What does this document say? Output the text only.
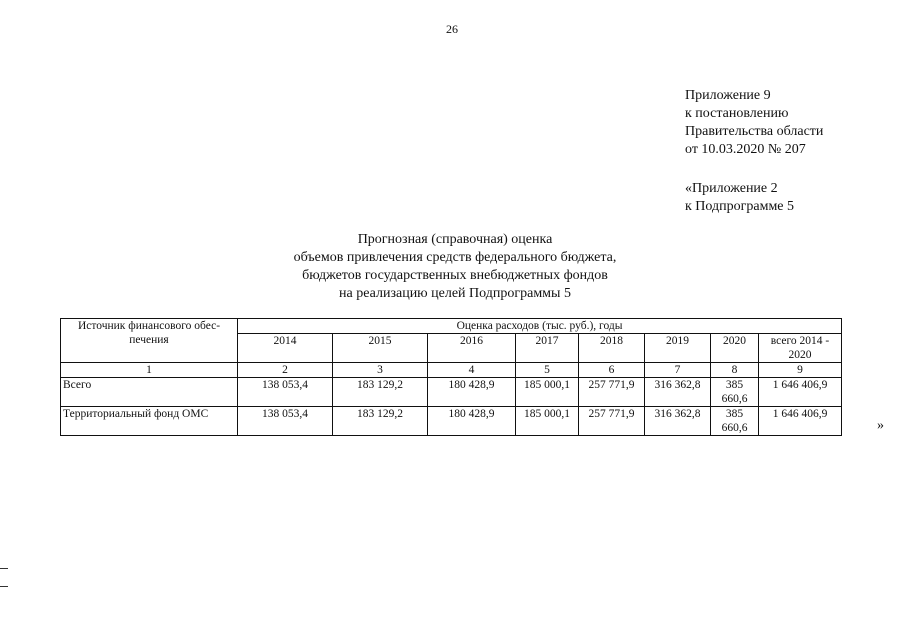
26
Приложение 9
к постановлению
Правительства области
от 10.03.2020 № 207
«Приложение 2
к Подпрограмме 5
Прогнозная (справочная) оценка
объемов привлечения средств федерального бюджета,
бюджетов государственных внебюджетных фондов
на реализацию целей Подпрограммы 5
Источник финансового обес-печения	Оценка расходов (тыс. руб.), годы							
	2014	2015	2016	2017	2018	2019	2020	всего 2014 - 2020
1	2	3	4	5	6	7	8	9
Всего	138 053,4	183 129,2	180 428,9	185 000,1	257 771,9	316 362,8	385 660,6	1 646 406,9
Территориальный фонд ОМС	138 053,4	183 129,2	180 428,9	185 000,1	257 771,9	316 362,8	385 660,6	1 646 406,9
»
